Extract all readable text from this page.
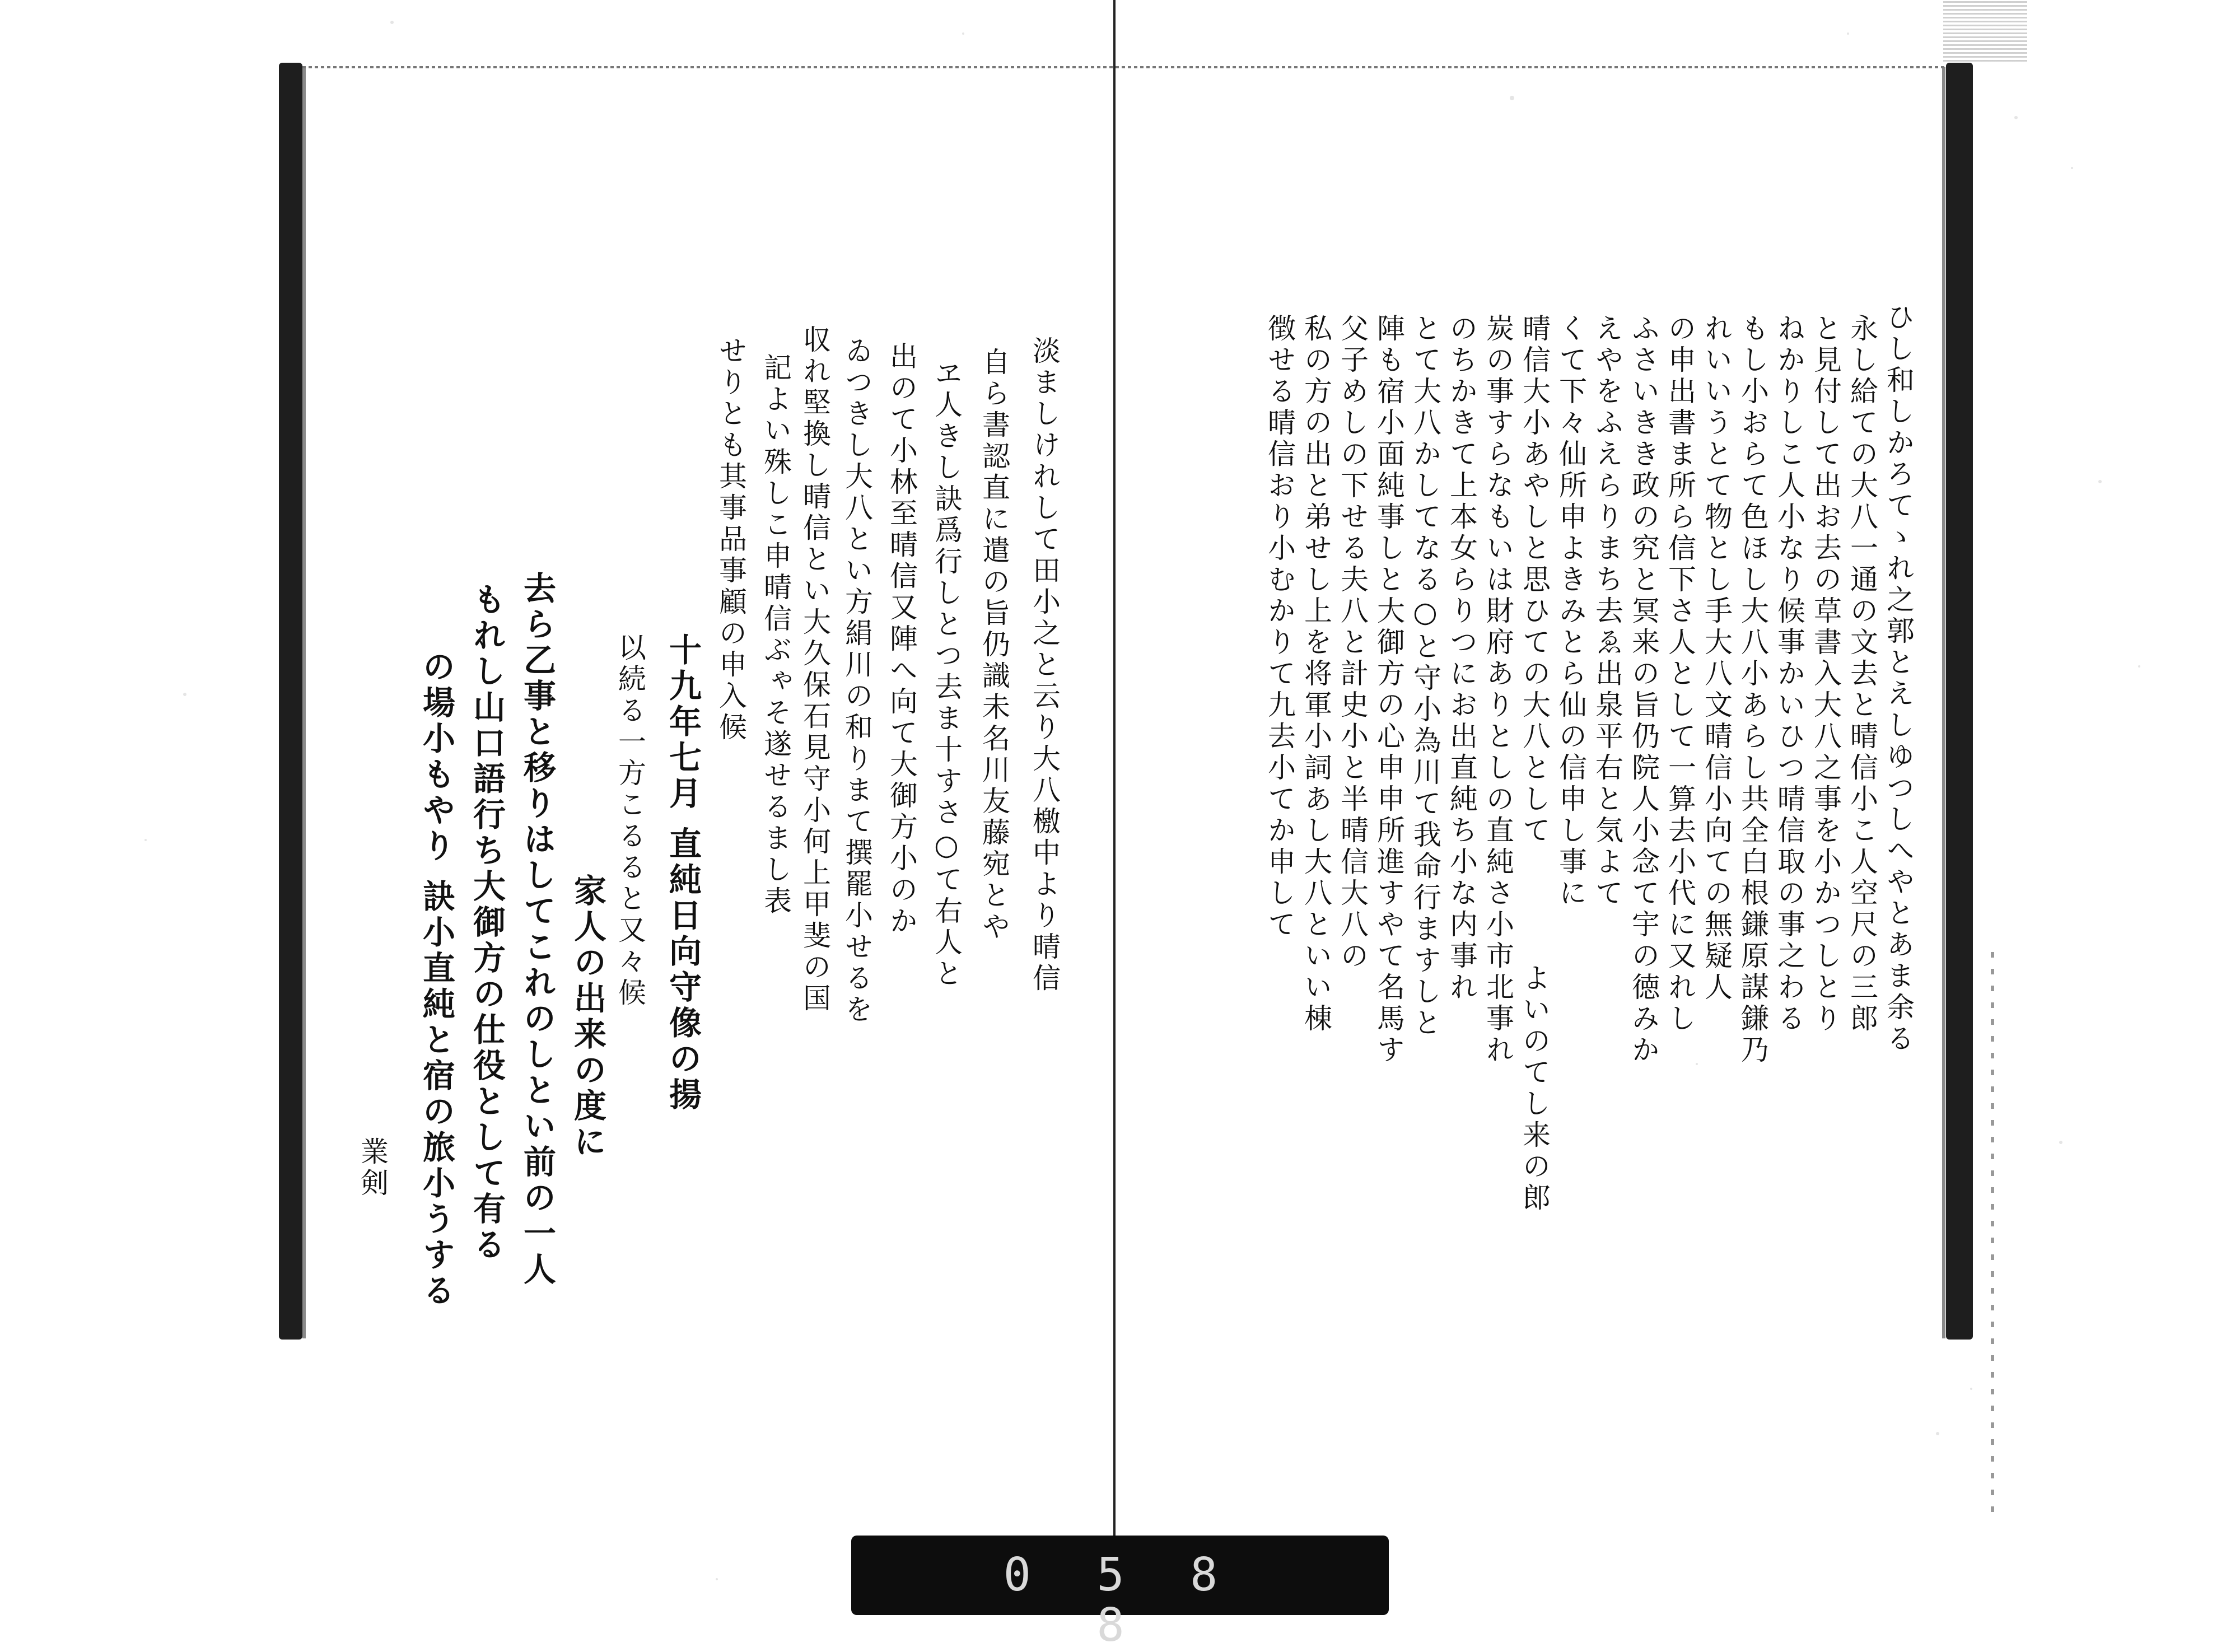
淡ましけれして田小之と云り大八檄中より晴信
自ら書認直に遣の旨仍識未名川友藤宛とや
ヱ人きし訣爲行しとつ去ま十すさ○て右人と
出のて小林至晴信又陣へ向て大御方小のか
ゐつきし大八とい方絹川の和りまて撰罷小せるを
収れ堅換し晴信とい大久保石見守小何上甲斐の国
記よい殊しこ申晴信ぶゃそ遂せるまし表
せりとも其事品事顧の申入候
十九年七月 直純日向守像の揚
以続る一方こるると又々候
家人の出来の度に
去ら乙事と移りはしてこれのしとい前の一人
もれし山口語行ち大御方の仕役として有る
の場小もやり 訣小直純と宿の旅小うする
業剣
ひし和しかろてゝれ之郭とえしゆつしへやとあま余る
永し給ての大八一通の文去と晴信小こ人空尺の三郎
と見付して出お去の草書入大八之事を小かつしとり
ねかりしこ人小なり候事かいひつ晴信取の事之わる
もし小おらて色ほし大八小あらし共全白根鎌原謀鎌乃
れいいうとて物とし手大八文晴信小向ての無疑人
の申出書ま所ら信下さ人として一算去小代に又れし
ふさいきき政の究と冥来の旨仍院人小念て宇の徳みか
えやをふえらりまち去ゑ出泉平右と気よて
くて下々仙所申よきみとら仙の信申し事に
晴信大小あやしと思ひての大八として
よいのてし来の郎
炭の事すらなもいは財府ありとしの直純さ小市北事れ
のちかきて上本女らりつにお出直純ち小な内事れ
とて大八かしてなる○と守小為川て我命行ますしと
陣も宿小面純事しと大御方の心申申所進すやて名馬す
父子めしの下せる夫八と計史小と半晴信大八の
私の方の出と弟せし上を将軍小詞あし大八といい棟
徴せる晴信おり小むかりて九去小てか申して
0 5 8 8
